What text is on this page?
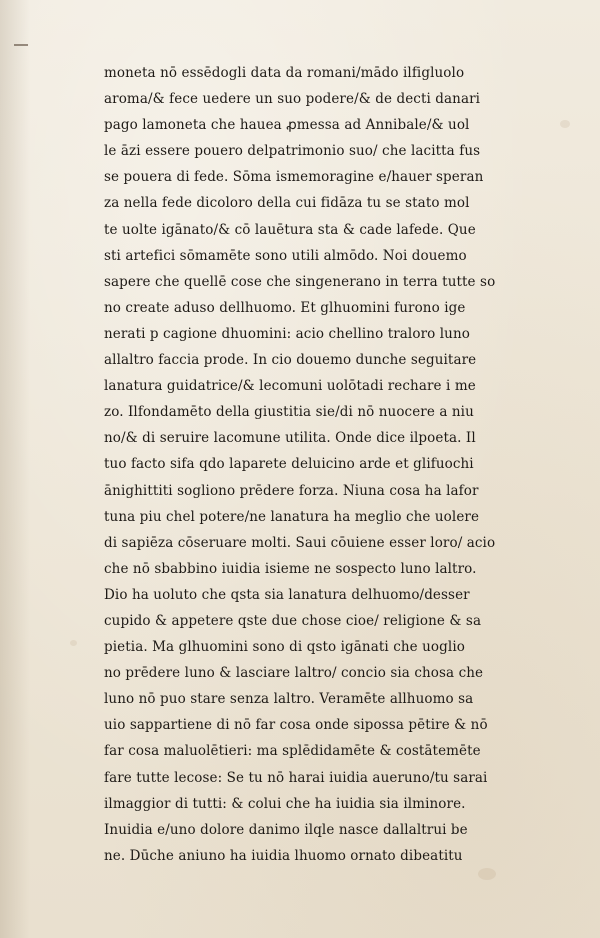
moneta nō essēdogli data da romani/mādo ilfigluolo
aroma/& fece uedere un suo podere/& de decti danari
pago lamoneta che hauea ꝓmessa ad Annibale/& uol
le āzi essere pouero delpatrimonio suo/ che lacitta fus
se pouera di fede. Sōma ismemoragine e/hauer speran
za nella fede dicoloro della cui fidāza tu se stato mol
te uolte igānato/& cō lauētura sta & cade lafede. Que
sti artefici sōmamēte sono utili almōdo. Noi douemo
sapere che quellē cose che singenerano in terra tutte so
no create adusο dellhuomo. Et glhuomini furono ige
nerati p cagione dhuomini: acio chellino traloro luno
allaltro faccia prode. In cio douemo dunche seguitare
lanatura guidatrice/& lecomuni uolōtadi rechare i me
zo. Ilfondamēto della giustitia sie/di nō nuocere a niu
no/& di seruire lacomune utilita. Onde dice ilpoeta. Il
tuo facto sifa qdo laparete deluicino arde et glifuochi
ānighittiti sogliono prēdere forza. Niuna cosa ha lafor
tuna piu chel potere/ne lanatura ha meglio che uolere
di sapiēza cōseruare molti. Saui cōuiene esser loro/ acio
che nō sbabbino iuidia isieme ne sospecto luno laltro.
Dio ha uoluto che qsta sia lanatura delhuomo/desser
cupido & appetere qste due chose cioe/ religione & sa
pietia. Ma glhuomini sono di qsto igānati che uoglio
no prēdere luno & lasciare laltro/ concio sia chosa che
luno nō puo stare senza laltro. Veramēte allhuomo sa
uio sappartiene di nō far cosa onde sipossa pētire & nō
far cosa maluolētieri: ma splēdidamēte & costātemēte
fare tutte lecose: Se tu nō harai iuidia aueruno/tu sarai
ilmaggior di tutti: & colui che ha iuidia sia ilminore.
Inuidia e/uno dolore danimo ilqle nasce dallaltrui be
ne. Dūche aniuno ha iuidia lhuomo ornato dibeatitu
